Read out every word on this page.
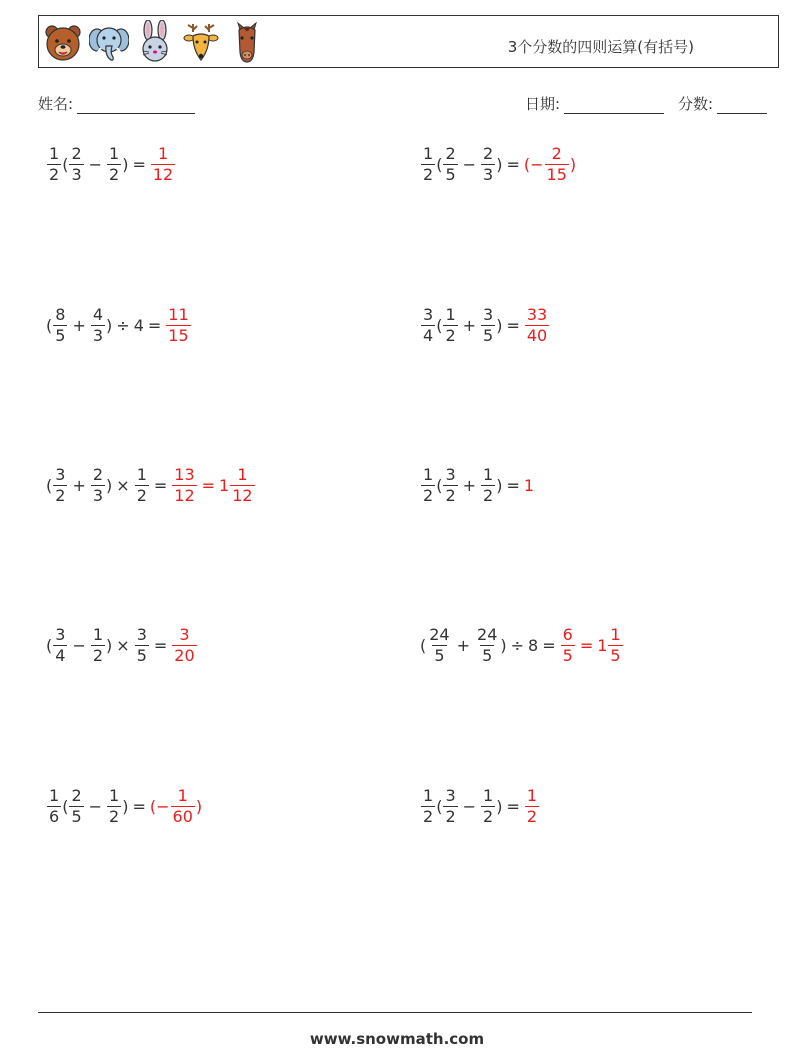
3个分数的四则运算(有括号)
姓名:	日期:	分数:
$\frac{1}{2}$ ( $\frac{2}{3} - \frac{1}{2}$ ) = $\frac{1}{12}$	$\frac{1}{2}$ ( $\frac{2}{5} - \frac{2}{3}$ ) = (− $\frac{2}{15}$ )
( $\frac{8}{5} + \frac{4}{3}$ ) ÷ $4 = \frac{11}{15}$	$\frac{3}{4}$ ( $\frac{1}{2} + \frac{3}{5}$ ) = $\frac{33}{40}$
( $\frac{3}{2} + \frac{2}{3}$ ) × $\frac{1}{2} = \frac{13}{12} = 1 \frac{1}{12}$	$\frac{1}{2}$ ( $\frac{3}{2} + \frac{1}{2}$ ) = 1
( $\frac{3}{4} - \frac{1}{2}$ ) × $\frac{3}{5} = \frac{3}{20}$	( $\frac{24}{5} + \frac{24}{5}$ ) ÷ $8 = \frac{6}{5} = 1 \frac{1}{5}$
$\frac{1}{6}$ ( $\frac{2}{5} - \frac{1}{2}$ ) = (− $\frac{1}{60}$ )	$\frac{1}{2}$ ( $\frac{3}{2} - \frac{1}{2}$ ) = $\frac{1}{2}$
www.snowmath.com
